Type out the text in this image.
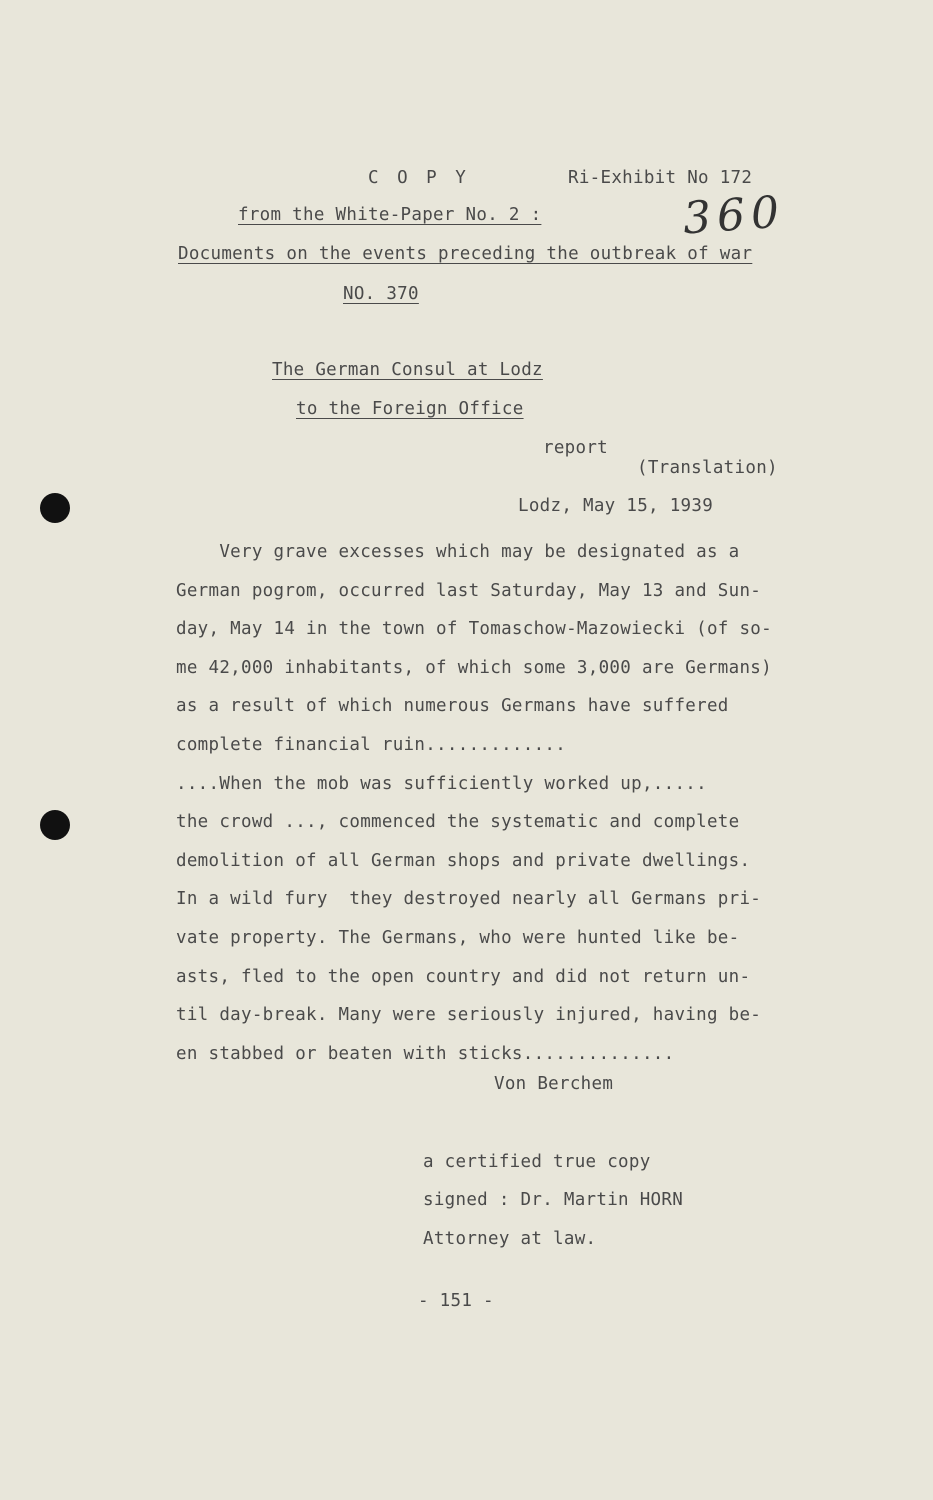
C O P Y	Ri-Exhibit No 172
360
from the White-Paper No. 2 :
Documents on the events preceding the outbreak of war
NO. 370
The German Consul at Lodz
to the Foreign Office
report
(Translation)
Lodz, May 15, 1939
Very grave excesses which may be designated as a
German pogrom, occurred last Saturday, May 13 and Sun-
day, May 14 in the town of Tomaschow-Mazowiecki (of so-
me 42,000 inhabitants, of which some 3,000 are Germans)
as a result of which numerous Germans have suffered
complete financial ruin.............
....When the mob was sufficiently worked up,.....
the crowd ..., commenced the systematic and complete
demolition of all German shops and private dwellings.
In a wild fury  they destroyed nearly all Germans pri-
vate property. The Germans, who were hunted like be-
asts, fled to the open country and did not return un-
til day-break. Many were seriously injured, having be-
en stabbed or beaten with sticks..............
Von Berchem
a certified true copy
signed : Dr. Martin HORN
Attorney at law.
- 151 -
